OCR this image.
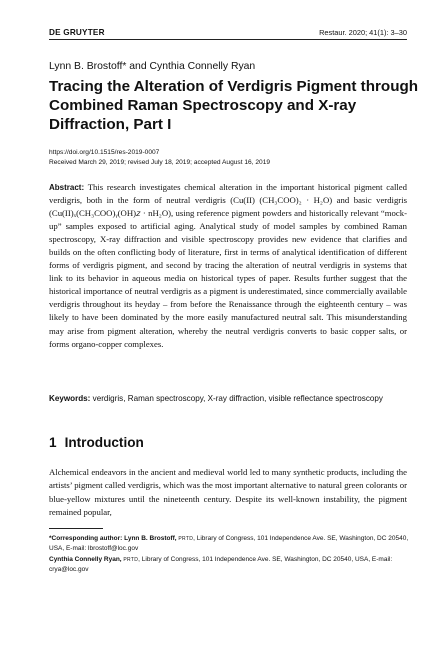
DE GRUYTER	Restaur. 2020; 41(1): 3–30
Lynn B. Brostoff* and Cynthia Connelly Ryan
Tracing the Alteration of Verdigris Pigment through Combined Raman Spectroscopy and X-ray Diffraction, Part I
https://doi.org/10.1515/res-2019-0007
Received March 29, 2019; revised July 18, 2019; accepted August 16, 2019
Abstract: This research investigates chemical alteration in the important historical pigment called verdigris, both in the form of neutral verdigris (Cu(II) (CH₃COO)₂ · H₂O) and basic verdigris (Cu(II)ₓ(CH₃COO)ᵧ(OH)𝑧 · nH₂O), using reference pigment powders and historically relevant “mock-up” samples exposed to artificial aging. Analytical study of model samples by combined Raman spectroscopy, X-ray diffraction and visible spectroscopy provides new evidence that clarifies and builds on the often conflicting body of literature, first in terms of analytical identification of different forms of verdigris pigment, and second by tracing the alteration of neutral verdigris in systems that link to its behavior in aqueous media on historical types of paper. Results further suggest that the historical importance of neutral verdigris as a pigment is underestimated, since commercially available verdigris throughout its heyday – from before the Renaissance through the eighteenth century – was likely to have been dominated by the more easily manufactured neutral salt. This misunderstanding may arise from pigment alteration, whereby the neutral verdigris converts to basic copper salts, or forms organo-copper complexes.
Keywords: verdigris, Raman spectroscopy, X-ray diffraction, visible reflectance spectroscopy
1 Introduction

Alchemical endeavors in the ancient and medieval world led to many synthetic products, including the artists’ pigment called verdigris, which was the most important alternative to natural green colorants or blue-yellow mixtures until the nineteenth century. Despite its well-known instability, the pigment remained popular,

*Corresponding author: Lynn B. Brostoff, PRTD, Library of Congress, 101 Independence Ave. SE, Washington, DC 20540, USA, E-mail: lbrostoff@loc.gov
Cynthia Connelly Ryan, PRTD, Library of Congress, 101 Independence Ave. SE, Washington, DC 20540, USA, E-mail: crya@loc.gov
